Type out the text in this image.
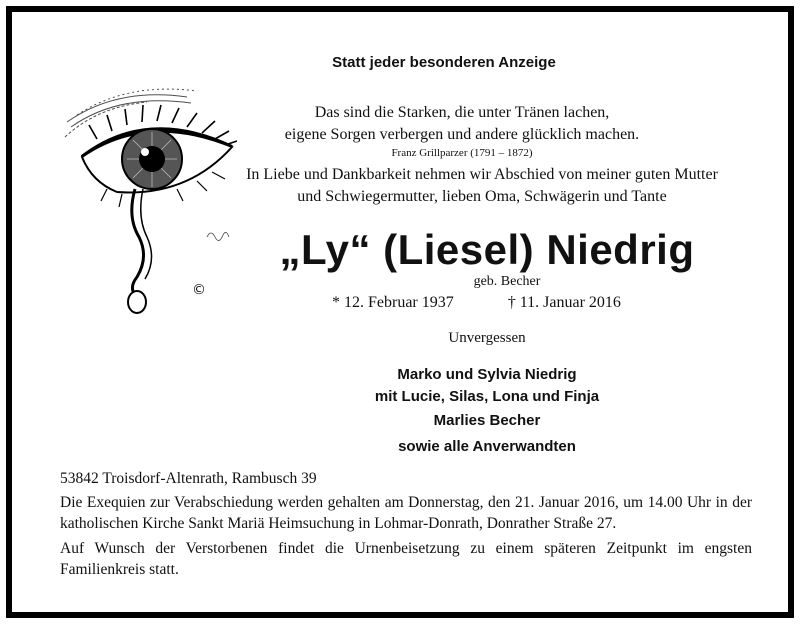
Statt jeder besonderen Anzeige
Das sind die Starken, die unter Tränen lachen,
eigene Sorgen verbergen und andere glücklich machen.
Franz Grillparzer (1791 – 1872)
In Liebe und Dankbarkeit nehmen wir Abschied von meiner guten Mutter
und Schwiegermutter, lieben Oma, Schwägerin und Tante
©
„Ly“ (Liesel) Niedrig
geb. Becher
* 12. Februar 1937	† 11. Januar 2016
Unvergessen
Marko und Sylvia Niedrig
mit Lucie, Silas, Lona und Finja
Marlies Becher
sowie alle Anverwandten
53842 Troisdorf-Altenrath, Rambusch 39
Die Exequien zur Verabschiedung werden gehalten am Donnerstag, den 21. Januar 2016, um 14.00 Uhr in der katholischen Kirche Sankt Mariä Heimsuchung in Lohmar-Donrath, Donrather Straße 27.
Auf Wunsch der Verstorbenen findet die Urnenbeisetzung zu einem späteren Zeitpunkt im engsten Familienkreis statt.
